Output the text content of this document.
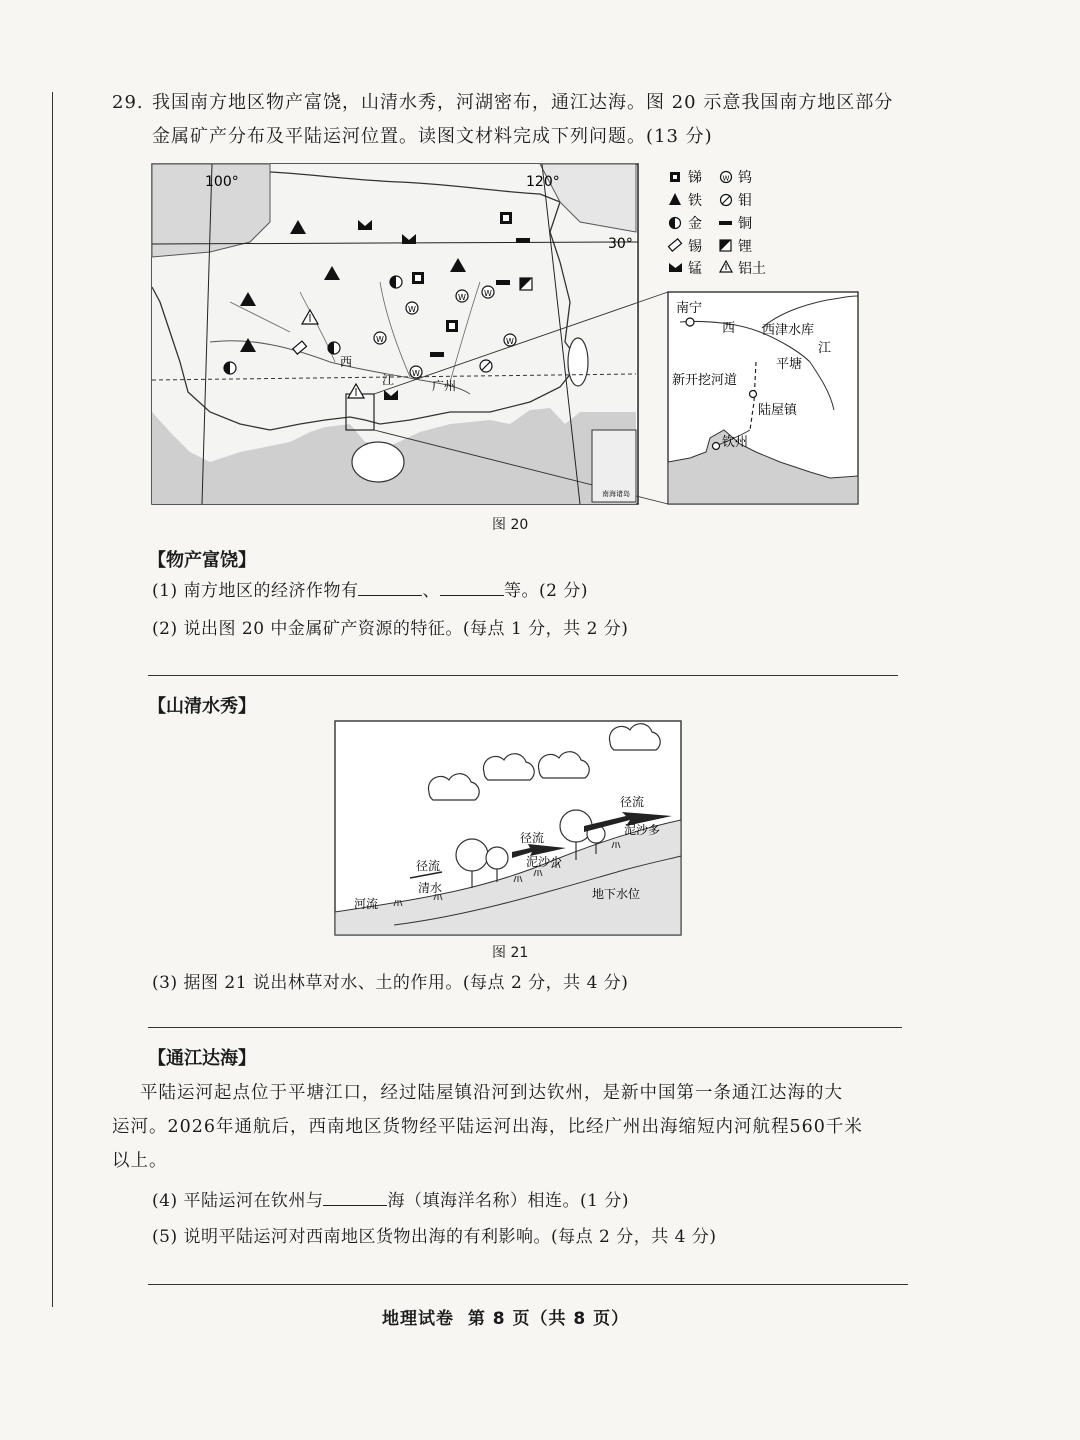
29. 我国南方地区物产富饶，山清水秀，河湖密布，通江达海。图 20 示意我国南方地区部分
金属矿产分布及平陆运河位置。读图文材料完成下列问题。(13 分)
100°	120°
30°
西
江	广州
南海诸岛
W
W W
W	W
W
锑	W 钨
铁	钼
金	铜
锡	锂
锰	铝土
南宁
西 西津水库
江
平塘
新开挖河道
陆屋镇
钦州
图 20
【物产富饶】
(1) 南方地区的经济作物有	、	等。(2 分)
(2) 说出图 20 中金属矿产资源的特征。(每点 1 分，共 2 分)
【山清水秀】
径流
泥沙多
径流
泥沙少
径流
清水
河流
地下水位
图 21
(3) 据图 21 说出林草对水、土的作用。(每点 2 分，共 4 分)
【通江达海】
平陆运河起点位于平塘江口，经过陆屋镇沿河到达钦州，是新中国第一条通江达海的大
运河。2026年通航后，西南地区货物经平陆运河出海，比经广州出海缩短内河航程560千米
以上。
(4) 平陆运河在钦州与	海（填海洋名称）相连。(1 分)
(5) 说明平陆运河对西南地区货物出海的有利影响。(每点 2 分，共 4 分)
地理试卷  第 8 页（共 8 页）
